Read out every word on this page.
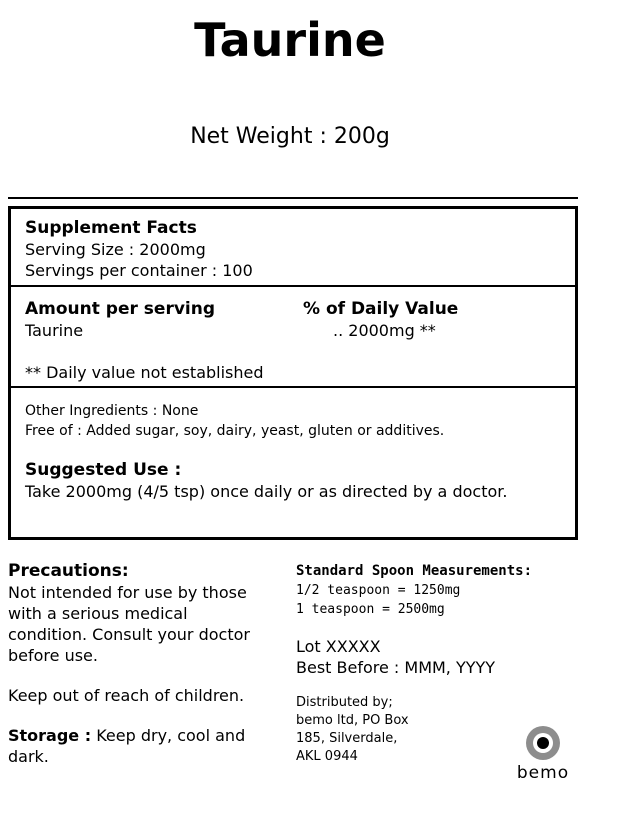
Taurine
Net Weight : 200g
Supplement Facts
Serving Size : 2000mg
Servings per container : 100
Amount per serving	% of Daily Value
Taurine	.. 2000mg **
** Daily value not established
Other Ingredients : None
Free of : Added sugar, soy, dairy, yeast, gluten or additives.
Suggested Use :
Take 2000mg (4/5 tsp) once daily or as directed by a doctor.
Precautions:
Not intended for use by those
with a serious medical
condition. Consult your doctor
before use.
Keep out of reach of children.
Storage : Keep dry, cool and
dark.
Standard Spoon Measurements:
1/2 teaspoon = 1250mg
1 teaspoon = 2500mg
Lot XXXXX
Best Before : MMM, YYYY
Distributed by;
bemo ltd, PO Box
185, Silverdale,
AKL 0944
bemo
